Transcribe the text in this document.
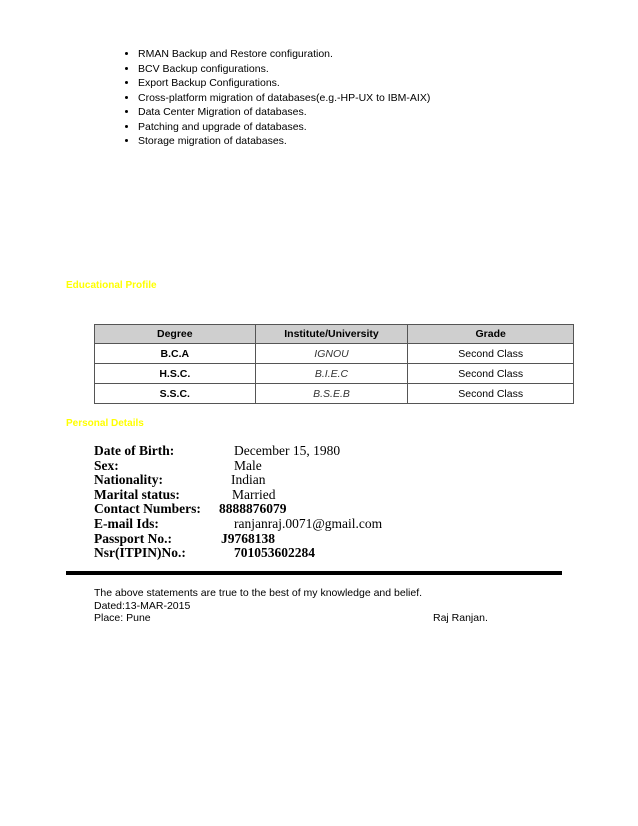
• RMAN Backup and Restore configuration.
• BCV Backup configurations.
• Export Backup Configurations.
• Cross-platform migration of databases(e.g.-HP-UX to IBM-AIX)
• Data Center Migration of databases.
• Patching and upgrade of databases.
• Storage migration of databases.
Educational Profile
Degree	Institute/University	Grade
B.C.A	IGNOU	Second Class
H.S.C.	B.I.E.C	Second Class
S.S.C.	B.S.E.B	Second Class
Personal Details
Date of Birth:	December 15, 1980
Sex:	Male
Nationality:	Indian
Marital status:	Married
Contact Numbers: 8888876079
E-mail Ids:	ranjanraj.0071@gmail.com
Passport No.:	J9768138
Nsr(ITPIN)No.:	701053602284
The above statements are true to the best of my knowledge and belief.
Dated:13-MAR-2015
Place: Pune	Raj Ranjan.
